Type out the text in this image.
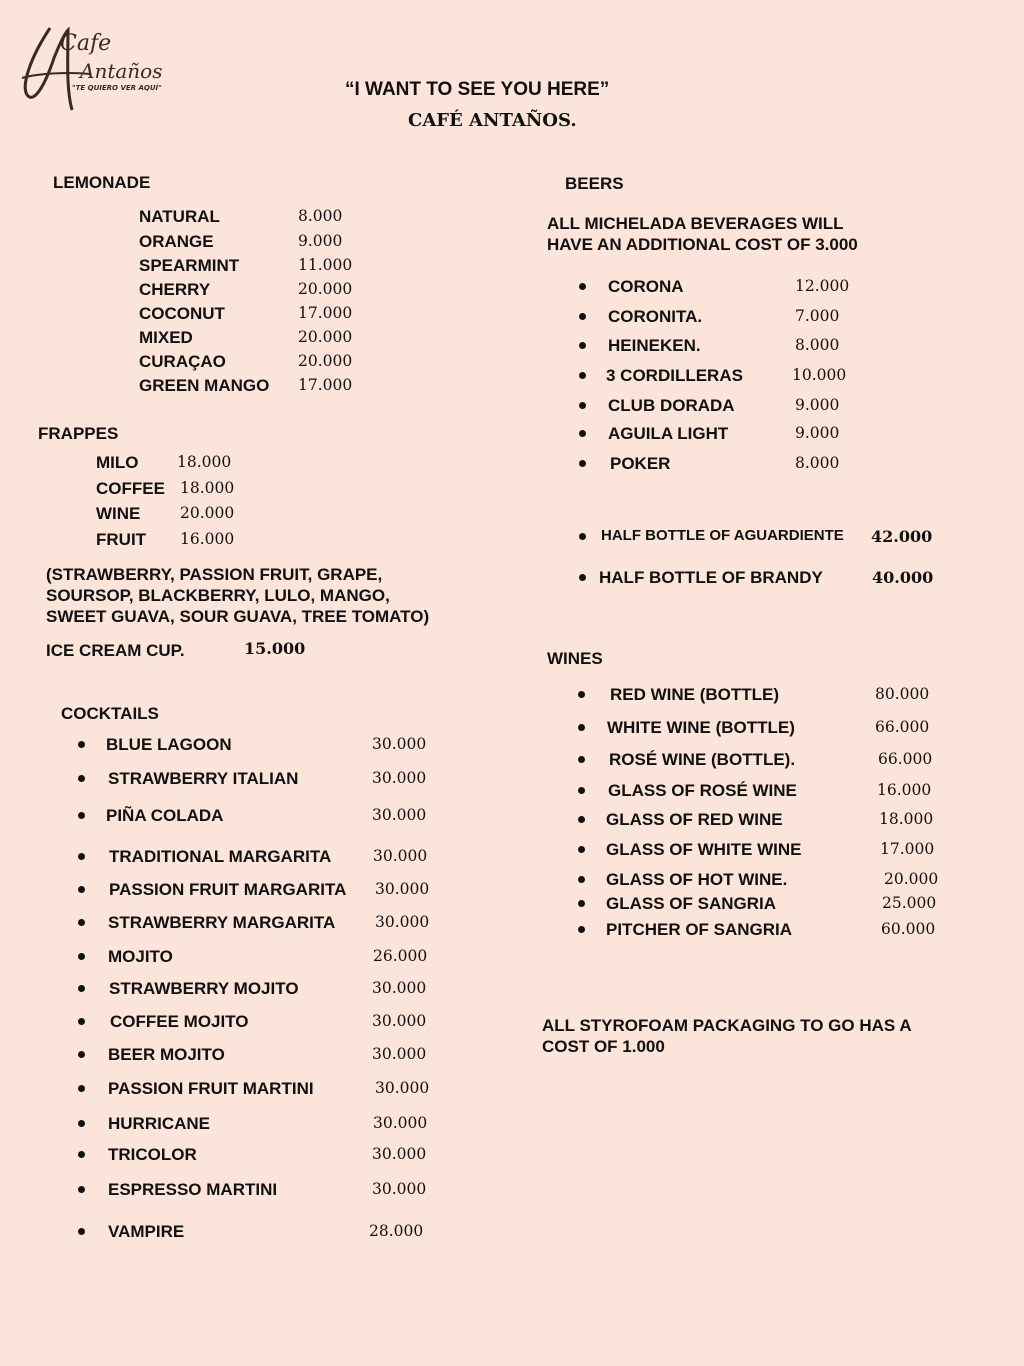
Cafe
Antaños
"TE QUIERO VER AQUÍ"	“I WANT TO SEE YOU HERE”
CAFÉ ANTAÑOS.
LEMONADE
NATURAL	8.000
ORANGE	9.000
SPEARMINT	11.000
CHERRY	20.000
COCONUT	17.000
MIXED	20.000
CURAÇAO	20.000
GREEN MANGO 17.000
FRAPPES
MILO 18.000
COFFEE 18.000
WINE	20.000
FRUIT 16.000
(STRAWBERRY, PASSION FRUIT, GRAPE,
SOURSOP, BLACKBERRY, LULO, MANGO,
SWEET GUAVA, SOUR GUAVA, TREE TOMATO)
ICE CREAM CUP.	15.000
COCKTAILS
BLUE LAGOON	30.000
STRAWBERRY ITALIAN	30.000
PIÑA COLADA	30.000
TRADITIONAL MARGARITA	30.000
PASSION FRUIT MARGARITA 30.000
STRAWBERRY MARGARITA	30.000
MOJITO	26.000
STRAWBERRY MOJITO	30.000
COFFEE MOJITO	30.000
BEER MOJITO	30.000
PASSION FRUIT MARTINI	30.000
HURRICANE	30.000
TRICOLOR	30.000
ESPRESSO MARTINI	30.000
VAMPIRE	28.000
BEERS
ALL MICHELADA BEVERAGES WILL
HAVE AN ADDITIONAL COST OF 3.000
CORONA	12.000
CORONITA.	7.000
HEINEKEN.	8.000
3 CORDILLERAS	10.000
CLUB DORADA	9.000
AGUILA LIGHT	9.000
POKER	8.000
HALF BOTTLE OF AGUARDIENTE 42.000
HALF BOTTLE OF BRANDY	40.000
WINES
RED WINE (BOTTLE)	80.000
WHITE WINE (BOTTLE)	66.000
ROSÉ WINE (BOTTLE).	66.000
GLASS OF ROSÉ WINE	16.000
GLASS OF RED WINE	18.000
GLASS OF WHITE WINE	17.000
GLASS OF HOT WINE.	20.000
GLASS OF SANGRIA	25.000
PITCHER OF SANGRIA	60.000
ALL STYROFOAM PACKAGING TO GO HAS A
COST OF 1.000
